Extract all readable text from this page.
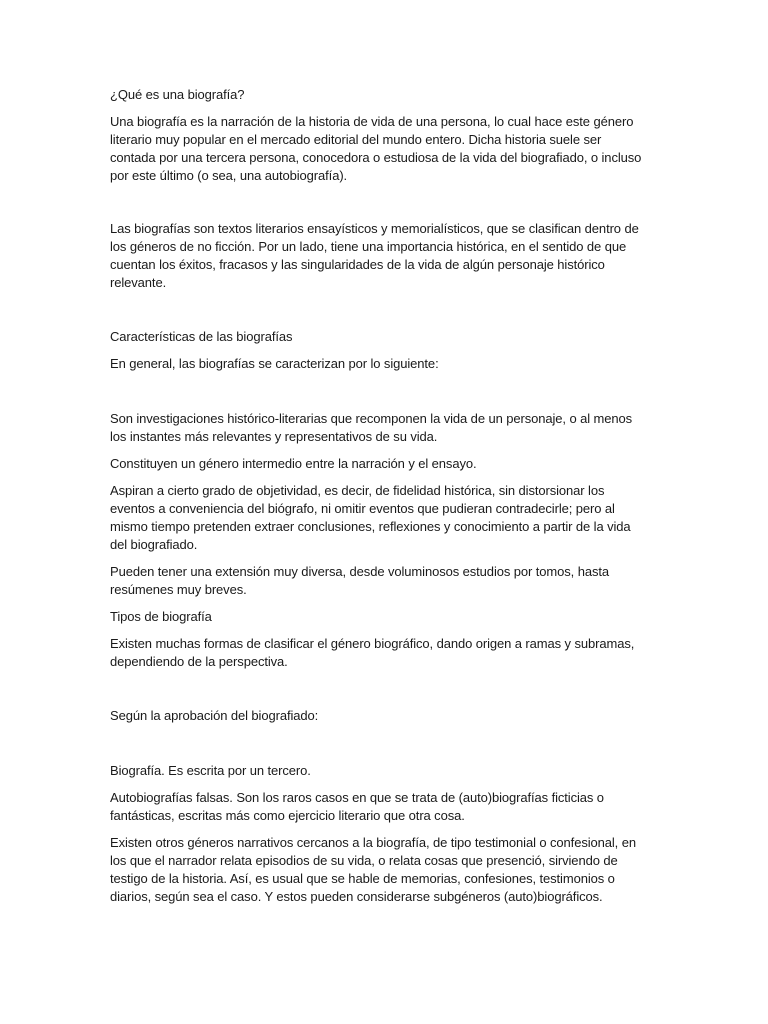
¿Qué es una biografía?

Una biografía es la narración de la historia de vida de una persona, lo cual hace este género literario muy popular en el mercado editorial del mundo entero. Dicha historia suele ser contada por una tercera persona, conocedora o estudiosa de la vida del biografiado, o incluso por este último (o sea, una autobiografía).

Las biografías son textos literarios ensayísticos y memorialísticos, que se clasifican dentro de los géneros de no ficción. Por un lado, tiene una importancia histórica, en el sentido de que cuentan los éxitos, fracasos y las singularidades de la vida de algún personaje histórico relevante.

Características de las biografías

En general, las biografías se caracterizan por lo siguiente:

Son investigaciones histórico-literarias que recomponen la vida de un personaje, o al menos los instantes más relevantes y representativos de su vida.

Constituyen un género intermedio entre la narración y el ensayo.

Aspiran a cierto grado de objetividad, es decir, de fidelidad histórica, sin distorsionar los eventos a conveniencia del biógrafo, ni omitir eventos que pudieran contradecirle; pero al mismo tiempo pretenden extraer conclusiones, reflexiones y conocimiento a partir de la vida del biografiado.

Pueden tener una extensión muy diversa, desde voluminosos estudios por tomos, hasta resúmenes muy breves.

Tipos de biografía

Existen muchas formas de clasificar el género biográfico, dando origen a ramas y subramas, dependiendo de la perspectiva.

Según la aprobación del biografiado:

Biografía. Es escrita por un tercero.

Autobiografías falsas. Son los raros casos en que se trata de (auto)biografías ficticias o fantásticas, escritas más como ejercicio literario que otra cosa.

Existen otros géneros narrativos cercanos a la biografía, de tipo testimonial o confesional, en los que el narrador relata episodios de su vida, o relata cosas que presenció, sirviendo de testigo de la historia. Así, es usual que se hable de memorias, confesiones, testimonios o diarios, según sea el caso. Y estos pueden considerarse subgéneros (auto)biográficos.
